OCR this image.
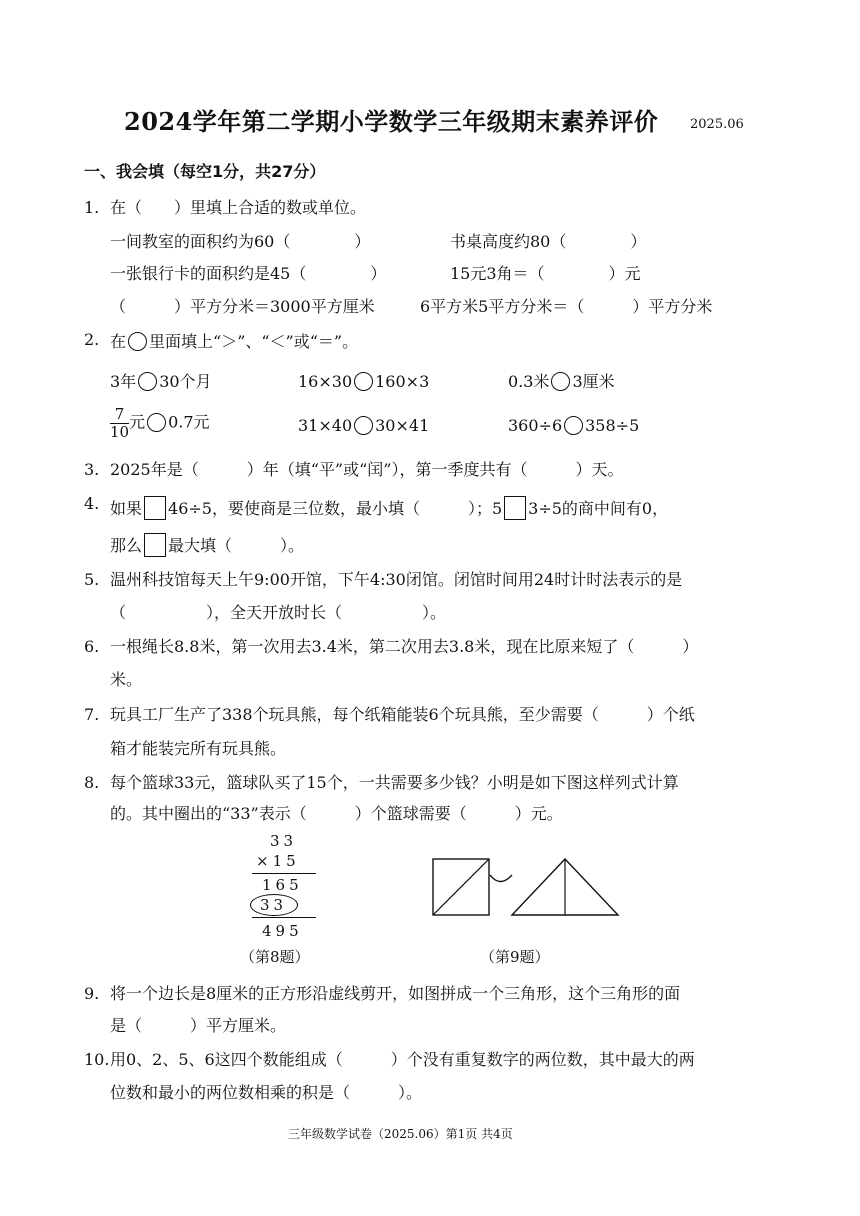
2024学年第二学期小学数学三年级期末素养评价 2025.06
一、我会填（每空1分，共27分）
1. 在（　　）里填上合适的数或单位。
一间教室的面积约为60（　　　　）	书桌高度约80（　　　　）
一张银行卡的面积约是45（　　　　）	15元3角＝（　　　　）元
（　　　）平方分米＝3000平方厘米	6平方米5平方分米＝（　　　）平方分米
2. 在 里面填上“＞”、“＜”或“＝”。
3年 30个月	16×30 160×3	0.3米 3厘米
$\frac{7}{10}$ 元 0.7元	31×40 30×41	360÷6 358÷5
3. 2025年是（　　　）年（填“平”或“闰”），第一季度共有（　　　）天。
4. 如果 46÷5，要使商是三位数，最小填（　　　）；5 3÷5的商中间有0，
那么 最大填（　　　）。
5. 温州科技馆每天上午9:00开馆，下午4:30闭馆。闭馆时间用24时计时法表示的是
（　　　　　），全天开放时长（　　　　　）。
6. 一根绳长8.8米，第一次用去3.4米，第二次用去3.8米，现在比原来短了（　　　）
米。
7. 玩具工厂生产了338个玩具熊，每个纸箱能装6个玩具熊，至少需要（　　　）个纸
箱才能装完所有玩具熊。
8. 每个篮球33元，篮球队买了15个，一共需要多少钱？小明是如下图这样列式计算
的。其中圈出的“33”表示（　　　）个篮球需要（　　　）元。
33
×15
165
33
495
（第8题）	（第9题）
9. 将一个边长是8厘米的正方形沿虚线剪开，如图拼成一个三角形，这个三角形的面
是（　　　）平方厘米。
10. 用0、2、5、6这四个数能组成（　　　）个没有重复数字的两位数，其中最大的两
位数和最小的两位数相乘的积是（　　　）。
三年级数学试卷（2025.06）第1页 共4页
